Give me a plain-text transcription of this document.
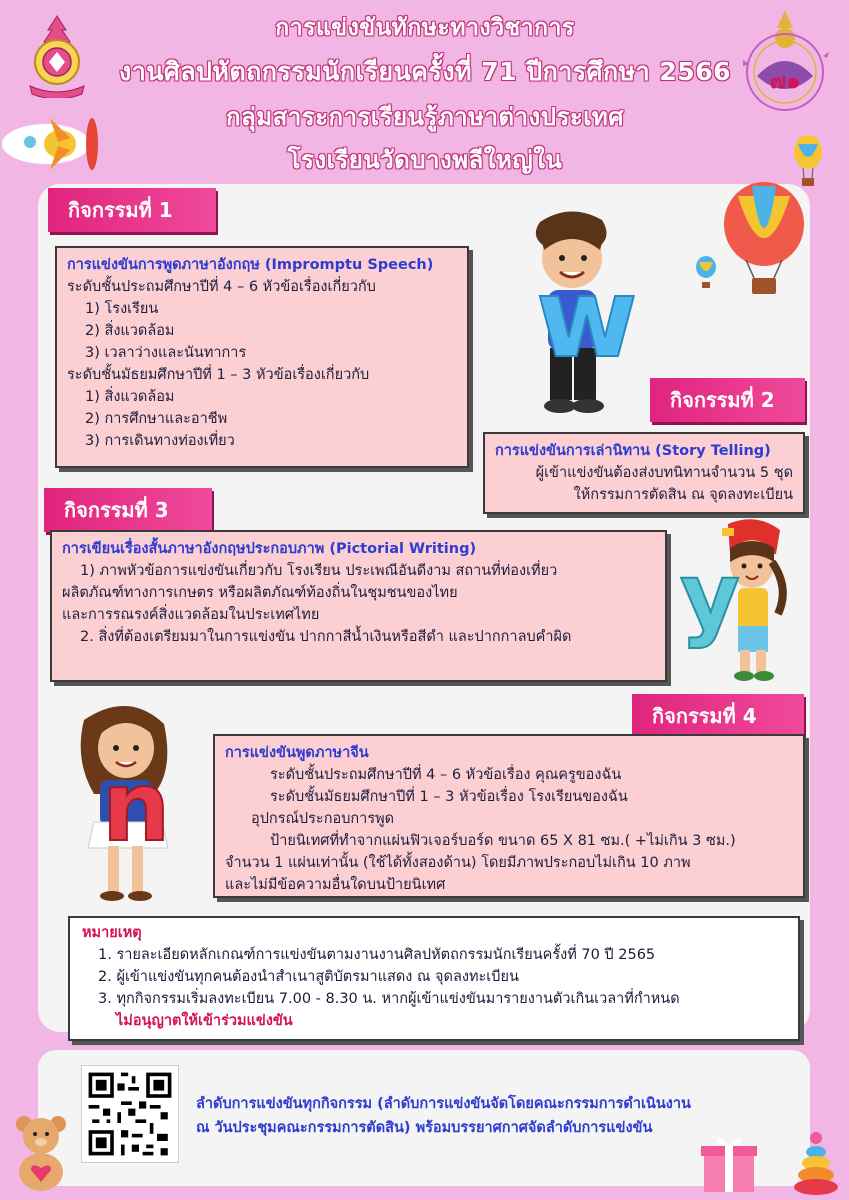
การแข่งขันทักษะทางวิชาการ
งานศิลปหัตถกรรมนักเรียนครั้งที่ 71 ปีการศึกษา 2566
กลุ่มสาระการเรียนรู้ภาษาต่างประเทศ
โรงเรียนวัดบางพลีใหญ่ใน
๗๑
กิจกรรมที่ 1
การแข่งขันการพูดภาษาอังกฤษ (Impromptu Speech)
ระดับชั้นประถมศึกษาปีที่ 4 – 6 หัวข้อเรื่องเกี่ยวกับ
1) โรงเรียน
2) สิ่งแวดล้อม
3) เวลาว่างและนันทาการ
ระดับชั้นมัธยมศึกษาปีที่ 1 – 3 หัวข้อเรื่องเกี่ยวกับ
1) สิ่งแวดล้อม
2) การศึกษาและอาชีพ
3) การเดินทางท่องเที่ยว
w
กิจกรรมที่ 2
การแข่งขันการเล่านิทาน (Story Telling)
ผู้เข้าแข่งขันต้องส่งบทนิทานจำนวน 5 ชุด
ให้กรรมการตัดสิน ณ จุดลงทะเบียน
กิจกรรมที่ 3
การเขียนเรื่องสั้นภาษาอังกฤษประกอบภาพ (Pictorial Writing)
1) ภาพหัวข้อการแข่งขันเกี่ยวกับ โรงเรียน ประเพณีอันดีงาม สถานที่ท่องเที่ยว
ผลิตภัณฑ์ทางการเกษตร หรือผลิตภัณฑ์ท้องถิ่นในชุมชนของไทย
และการรณรงค์สิ่งแวดล้อมในประเทศไทย
2. สิ่งที่ต้องเตรียมมาในการแข่งขัน ปากกาสีน้ำเงินหรือสีดำ และปากกาลบคำผิด	y
กิจกรรมที่ 4
การแข่งขันพูดภาษาจีน
ระดับชั้นประถมศึกษาปีที่ 4 – 6 หัวข้อเรื่อง คุณครูของฉัน
ระดับชั้นมัธยมศึกษาปีที่ 1 – 3 หัวข้อเรื่อง โรงเรียนของฉัน
อุปกรณ์ประกอบการพูด
ป้ายนิเทศที่ทำจากแผ่นฟิวเจอร์บอร์ด ขนาด 65 X 81 ซม.( +ไม่เกิน 3 ซม.)
จำนวน 1 แผ่นเท่านั้น (ใช้ได้ทั้งสองด้าน) โดยมีภาพประกอบไม่เกิน 10 ภาพ
และไม่มีข้อความอื่นใดบนป้ายนิเทศ
n
หมายเหตุ
1. รายละเอียดหลักเกณฑ์การแข่งขันตามงานงานศิลปหัตถกรรมนักเรียนครั้งที่ 70 ปี 2565
2. ผู้เข้าแข่งขันทุกคนต้องนำสำเนาสูติบัตรมาแสดง ณ จุดลงทะเบียน
3. ทุกกิจกรรมเริ่มลงทะเบียน 7.00 - 8.30 น. หากผู้เข้าแข่งขันมารายงานตัวเกินเวลาที่กำหนด
ไม่อนุญาตให้เข้าร่วมแข่งขัน
ลำดับการแข่งขันทุกกิจกรรม (ลำดับการแข่งขันจัดโดยคณะกรรมการดำเนินงาน
ณ วันประชุมคณะกรรมการตัดสิน) พร้อมบรรยาศกาศจัดลำดับการแข่งขัน
